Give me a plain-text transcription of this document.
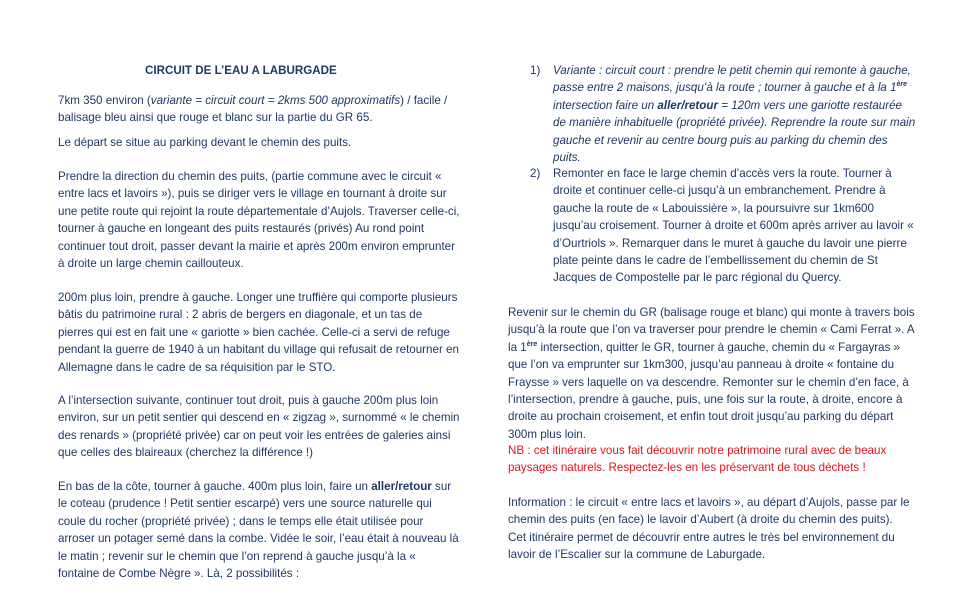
CIRCUIT DE L’EAU A LABURGADE

7km 350 environ (variante = circuit court = 2kms 500 approximatifs) / facile / balisage bleu ainsi que rouge et blanc sur la partie du GR 65.

Le départ se situe au parking devant le chemin des puits.

Prendre la direction du chemin des puits, (partie commune avec le circuit « entre lacs et lavoirs »), puis se diriger vers le village en tournant à droite sur une petite route qui rejoint la route départementale d’Aujols. Traverser celle-ci, tourner à gauche en longeant des puits restaurés (privés) Au rond point continuer tout droit, passer devant la mairie et après 200m environ emprunter à droite un large chemin caillouteux.

200m plus loin, prendre à gauche. Longer une truffière qui comporte plusieurs bâtis du patrimoine rural : 2 abris de bergers en diagonale, et un tas de pierres qui est en fait une « gariotte » bien cachée. Celle-ci a servi de refuge pendant la guerre de 1940 à un habitant du village qui refusait de retourner en Allemagne dans le cadre de sa réquisition par le STO.

A l’intersection suivante, continuer tout droit, puis à gauche 200m plus loin environ, sur un petit sentier qui descend en « zigzag », surnommé « le chemin des renards » (propriété privée) car on peut voir les entrées de galeries ainsi que celles des blaireaux (cherchez la différence !)

En bas de la côte, tourner à gauche. 400m plus loin, faire un aller/retour sur le coteau (prudence ! Petit sentier escarpé) vers une source naturelle qui coule du rocher (propriété privée) ; dans le temps elle était utilisée pour arroser un potager semé dans la combe. Vidée le soir, l’eau était à nouveau là le matin ; revenir sur le chemin que l’on reprend à gauche jusqu’à la « fontaine de Combe Nègre ». Là, 2 possibilités :

1)	Variante : circuit court : prendre le petit chemin qui remonte à gauche, passe entre 2 maisons, jusqu’à la route ; tourner à gauche et à la 1ère intersection faire un aller/retour = 120m vers une gariotte restaurée de manière inhabituelle (propriété privée). Reprendre la route sur main gauche et revenir au centre bourg puis au parking du chemin des puits.
2)	Remonter en face le large chemin d’accès vers la route. Tourner à droite et continuer celle-ci jusqu’à un embranchement. Prendre à gauche la route de « Labouissière », la poursuivre sur 1km600 jusqu’au croisement. Tourner à droite et 600m après arriver au lavoir « d’Ourtriols ». Remarquer dans le muret à gauche du lavoir une pierre plate peinte dans le cadre de l’embellissement du chemin de St Jacques de Compostelle par le parc régional du Quercy.

Revenir sur le chemin du GR (balisage rouge et blanc) qui monte à travers bois jusqu’à la route que l’on va traverser pour prendre le chemin « Cami Ferrat ». A la 1ère intersection, quitter le GR, tourner à gauche, chemin du « Fargayras » que l’on va emprunter sur 1km300, jusqu’au panneau à droite « fontaine du Fraysse » vers laquelle on va descendre. Remonter sur le chemin d’en face, à l’intersection, prendre à gauche, puis, une fois sur la route, à droite, encore à droite au prochain croisement, et enfin tout droit jusqu’au parking du départ 300m plus loin.

NB : cet itinéraire vous fait découvrir notre patrimoine rural avec de beaux paysages naturels. Respectez-les en les préservant de tous déchets !

Information : le circuit « entre lacs et lavoirs », au départ d’Aujols, passe par le chemin des puits (en face) le lavoir d’Aubert (à droite du chemin des puits). Cet itinéraire permet de découvrir entre autres le très bel environnement du lavoir de l’Escalier sur la commune de Laburgade.
